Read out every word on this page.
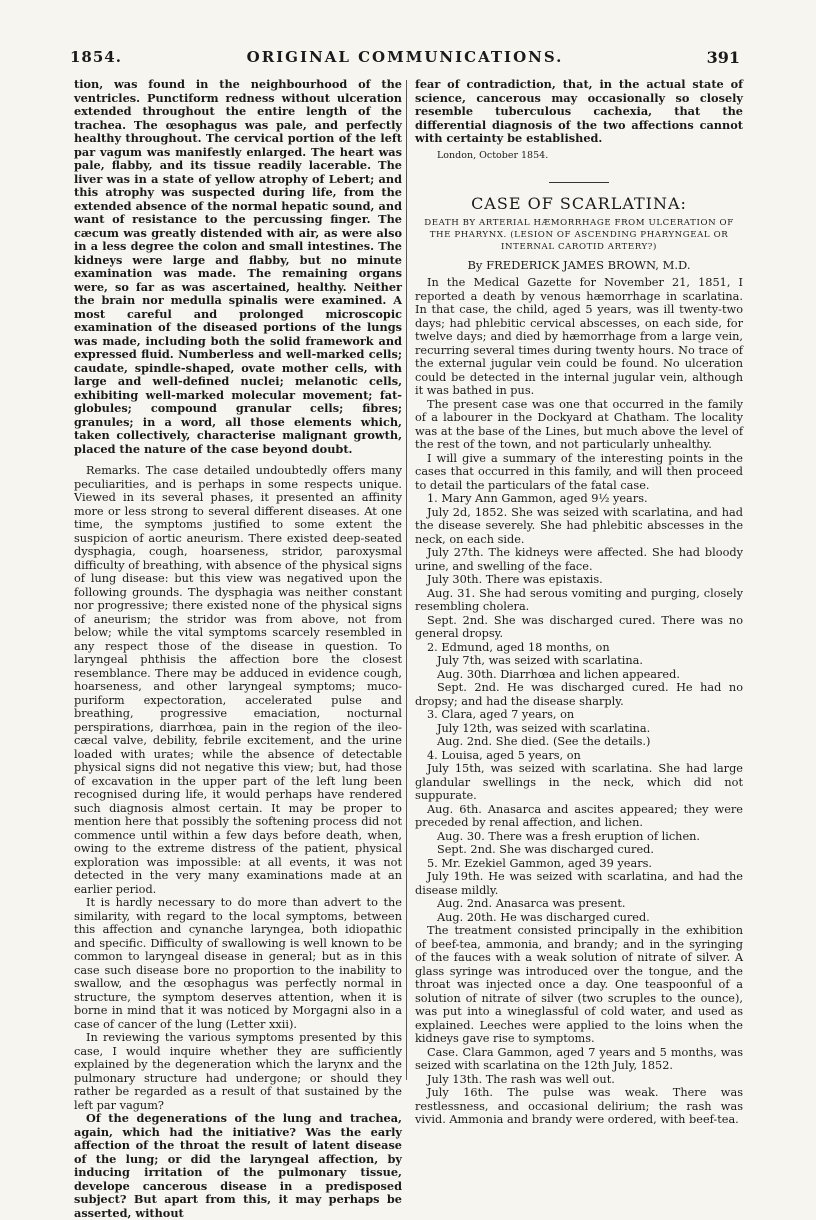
1854.	ORIGINAL COMMUNICATIONS.	391

tion, was found in the neighbourhood of the ventricles. Punctiform redness without ulceration extended throughout the entire length of the trachea. The œsophagus was pale, and perfectly healthy throughout. The cervical portion of the left par vagum was manifestly enlarged. The heart was pale, flabby, and its tissue readily lacerable. The liver was in a state of yellow atrophy of Lebert; and this atrophy was suspected during life, from the extended absence of the normal hepatic sound, and want of resistance to the percussing finger. The cæcum was greatly distended with air, as were also in a less degree the colon and small intestines. The kidneys were large and flabby, but no minute examination was made. The remaining organs were, so far as was ascertained, healthy. Neither the brain nor medulla spinalis were examined. A most careful and prolonged microscopic examination of the diseased portions of the lungs was made, including both the solid framework and expressed fluid. Numberless and well-marked cells; caudate, spindle-shaped, ovate mother cells, with large and well-defined nuclei; melanotic cells, exhibiting well-marked molecular movement; fat-globules; compound granular cells; fibres; granules; in a word, all those elements which, taken collectively, characterise malignant growth, placed the nature of the case beyond doubt.

Remarks. The case detailed undoubtedly offers many peculiarities, and is perhaps in some respects unique. Viewed in its several phases, it presented an affinity more or less strong to several different diseases. At one time, the symptoms justified to some extent the suspicion of aortic aneurism. There existed deep-seated dysphagia, cough, hoarseness, stridor, paroxysmal difficulty of breathing, with absence of the physical signs of lung disease: but this view was negatived upon the following grounds. The dysphagia was neither constant nor progressive; there existed none of the physical signs of aneurism; the stridor was from above, not from below; while the vital symptoms scarcely resembled in any respect those of the disease in question. To laryngeal phthisis the affection bore the closest resemblance. There may be adduced in evidence cough, hoarseness, and other laryngeal symptoms; muco-puriform expectoration, accelerated pulse and breathing, progressive emaciation, nocturnal perspirations, diarrhœa, pain in the region of the ileo-cæcal valve, debility, febrile excitement, and the urine loaded with urates; while the absence of detectable physical signs did not negative this view; but, had those of excavation in the upper part of the left lung been recognised during life, it would perhaps have rendered such diagnosis almost certain. It may be proper to mention here that possibly the softening process did not commence until within a few days before death, when, owing to the extreme distress of the patient, physical exploration was impossible: at all events, it was not detected in the very many examinations made at an earlier period.

It is hardly necessary to do more than advert to the similarity, with regard to the local symptoms, between this affection and cynanche laryngea, both idiopathic and specific. Difficulty of swallowing is well known to be common to laryngeal disease in general; but as in this case such disease bore no proportion to the inability to swallow, and the œsophagus was perfectly normal in structure, the symptom deserves attention, when it is borne in mind that it was noticed by Morgagni also in a case of cancer of the lung (Letter xxii).

In reviewing the various symptoms presented by this case, I would inquire whether they are sufficiently explained by the degeneration which the larynx and the pulmonary structure had undergone; or should they rather be regarded as a result of that sustained by the left par vagum?

Of the degenerations of the lung and trachea, again, which had the initiative? Was the early affection of the throat the result of latent disease of the lung; or did the laryngeal affection, by inducing irritation of the pulmonary tissue, develope cancerous disease in a predisposed subject? But apart from this, it may perhaps be asserted, without

fear of contradiction, that, in the actual state of science, cancerous may occasionally so closely resemble tuberculous cachexia, that the differential diagnosis of the two affections cannot with certainty be established.

London, October 1854.

CASE OF SCARLATINA:

DEATH BY ARTERIAL HÆMORRHAGE FROM ULCERATION OF THE PHARYNX. (LESION OF ASCENDING PHARYNGEAL OR INTERNAL CAROTID ARTERY?)

By FREDERICK JAMES BROWN, M.D.

In the Medical Gazette for November 21, 1851, I reported a death by venous hæmorrhage in scarlatina. In that case, the child, aged 5 years, was ill twenty-two days; had phlebitic cervical abscesses, on each side, for twelve days; and died by hæmorrhage from a large vein, recurring several times during twenty hours. No trace of the external jugular vein could be found. No ulceration could be detected in the internal jugular vein, although it was bathed in pus.

The present case was one that occurred in the family of a labourer in the Dockyard at Chatham. The locality was at the base of the Lines, but much above the level of the rest of the town, and not particularly unhealthy.

I will give a summary of the interesting points in the cases that occurred in this family, and will then proceed to detail the particulars of the fatal case.

1. Mary Ann Gammon, aged 9½ years.

July 2d, 1852. She was seized with scarlatina, and had the disease severely. She had phlebitic abscesses in the neck, on each side.

July 27th. The kidneys were affected. She had bloody urine, and swelling of the face.

July 30th. There was epistaxis.

Aug. 31. She had serous vomiting and purging, closely resembling cholera.

Sept. 2nd. She was discharged cured. There was no general dropsy.

2. Edmund, aged 18 months, on

July 7th, was seized with scarlatina.

Aug. 30th. Diarrhœa and lichen appeared.

Sept. 2nd. He was discharged cured. He had no dropsy; and had the disease sharply.

3. Clara, aged 7 years, on

July 12th, was seized with scarlatina.

Aug. 2nd. She died. (See the details.)

4. Louisa, aged 5 years, on

July 15th, was seized with scarlatina. She had large glandular swellings in the neck, which did not suppurate.

Aug. 6th. Anasarca and ascites appeared; they were preceded by renal affection, and lichen.

Aug. 30. There was a fresh eruption of lichen.

Sept. 2nd. She was discharged cured.

5. Mr. Ezekiel Gammon, aged 39 years.

July 19th. He was seized with scarlatina, and had the disease mildly.

Aug. 2nd. Anasarca was present.

Aug. 20th. He was discharged cured.

The treatment consisted principally in the exhibition of beef-tea, ammonia, and brandy; and in the syringing of the fauces with a weak solution of nitrate of silver. A glass syringe was introduced over the tongue, and the throat was injected once a day. One teaspoonful of a solution of nitrate of silver (two scruples to the ounce), was put into a wineglassful of cold water, and used as explained. Leeches were applied to the loins when the kidneys gave rise to symptoms.

Case. Clara Gammon, aged 7 years and 5 months, was seized with scarlatina on the 12th July, 1852.

July 13th. The rash was well out.

July 16th. The pulse was weak. There was restlessness, and occasional delirium; the rash was vivid. Ammonia and brandy were ordered, with beef-tea.
